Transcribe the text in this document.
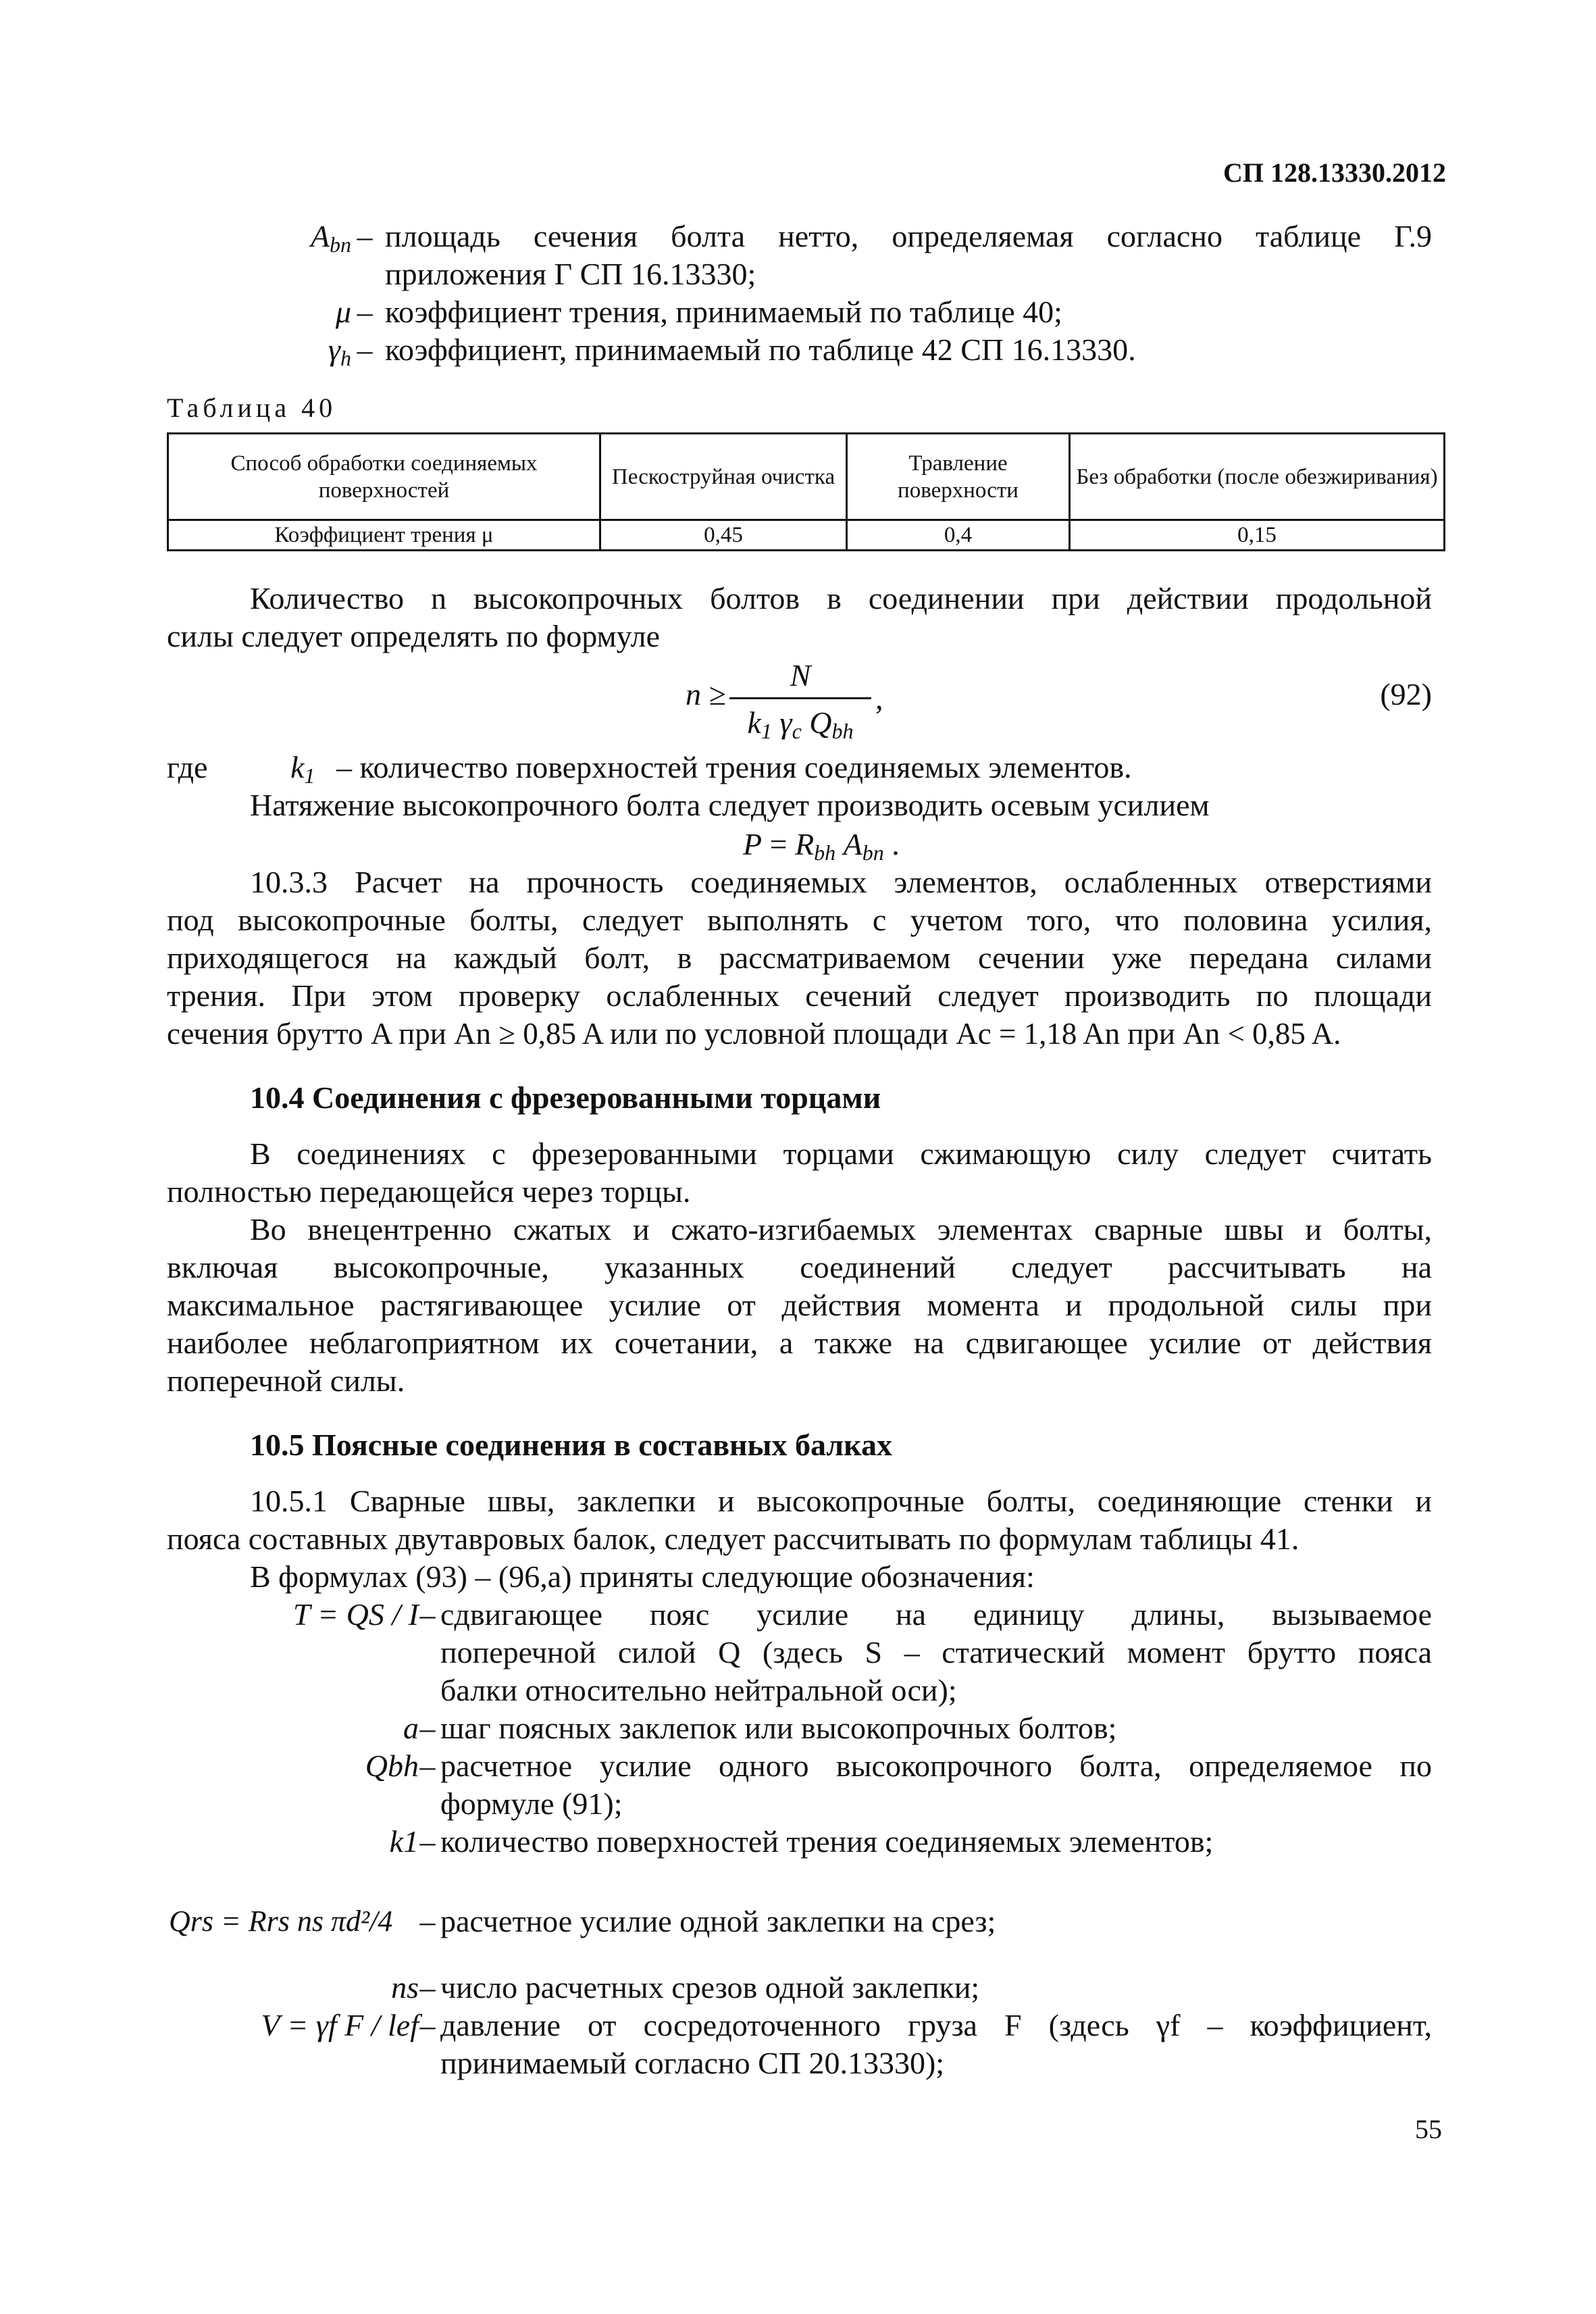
СП 128.13330.2012
$A_{bn}$ – площадь сечения болта нетто, определяемая согласно таблице Г.9
приложения Г СП 16.13330;
μ – коэффициент трения, принимаемый по таблице 40;
$\gamma_h$ – коэффициент, принимаемый по таблице 42 СП 16.13330.
Таблица 40
Способ обработки соединяемых поверхностей	Пескоструйная очистка	Травление поверхности	Без обработки (после обезжиривания)
Коэффициент трения μ	0,45	0,4	0,15
Количество n высокопрочных болтов в соединении при действии продольной
силы следует определять по формуле
n ≥
N
$k_1$ $\gamma_c$ $Q_{bh}$
,	(92)
где	$k_1$ – количество поверхностей трения соединяемых элементов.
Натяжение высокопрочного болта следует производить осевым усилием
$P = R_{bh}$ $A_{bn}$ .
10.3.3 Расчет на прочность соединяемых элементов, ослабленных отверстиями
под высокопрочные болты, следует выполнять с учетом того, что половина усилия,
приходящегося на каждый болт, в рассматриваемом сечении уже передана силами
трения. При этом проверку ослабленных сечений следует производить по площади
сечения брутто A при An ≥ 0,85 A или по условной площади Ac = 1,18 An при An < 0,85 A.
10.4 Соединения с фрезерованными торцами
В соединениях с фрезерованными торцами сжимающую силу следует считать
полностью передающейся через торцы.
Во внецентренно сжатых и сжато-изгибаемых элементах сварные швы и болты,
включая высокопрочные, указанных соединений следует рассчитывать на
максимальное растягивающее усилие от действия момента и продольной силы при
наиболее неблагоприятном их сочетании, а также на сдвигающее усилие от действия
поперечной силы.
10.5 Поясные соединения в составных балках
10.5.1 Сварные швы, заклепки и высокопрочные болты, соединяющие стенки и
пояса составных двутавровых балок, следует рассчитывать по формулам таблицы 41.
В формулах (93) – (96,а) приняты следующие обозначения:
T = QS / I – сдвигающее пояс усилие на единицу длины, вызываемое
поперечной силой Q (здесь S – статический момент брутто пояса
балки относительно нейтральной оси);
a – шаг поясных заклепок или высокопрочных болтов;
Qbh – расчетное усилие одного высокопрочного болта, определяемое по
формуле (91);
k1 – количество поверхностей трения соединяемых элементов;
Qrs = Rrs ns πd²/4 – расчетное усилие одной заклепки на срез;
ns – число расчетных срезов одной заклепки;
V = γf F / lef – давление от сосредоточенного груза F (здесь γf – коэффициент,
принимаемый согласно СП 20.13330);
55
